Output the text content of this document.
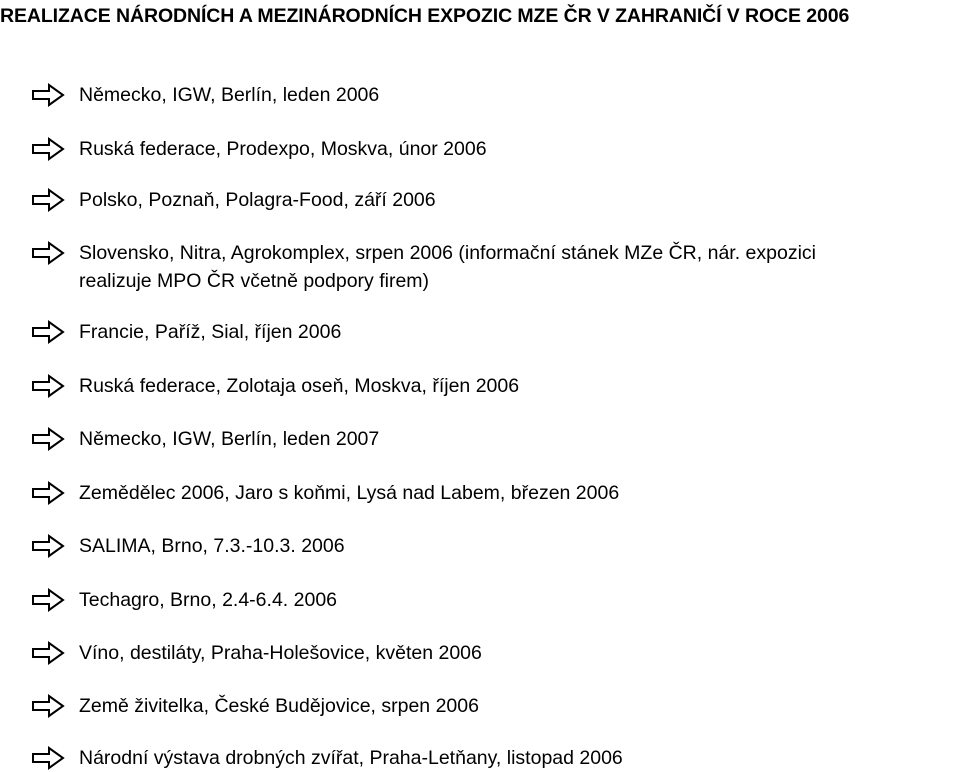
REALIZACE NÁRODNÍCH A MEZINÁRODNÍCH EXPOZIC MZE ČR V ZAHRANIČÍ V ROCE 2006
Německo, IGW, Berlín, leden 2006
Ruská federace, Prodexpo, Moskva, únor 2006
Polsko, Poznaň, Polagra-Food, září 2006
Slovensko, Nitra, Agrokomplex, srpen 2006 (informační stánek MZe ČR, nár. expozici
realizuje MPO ČR včetně podpory firem)
Francie, Paříž, Sial, říjen 2006
Ruská federace, Zolotaja oseň, Moskva, říjen 2006
Německo, IGW, Berlín, leden 2007
Zemědělec 2006, Jaro s koňmi, Lysá nad Labem, březen 2006
SALIMA, Brno, 7.3.-10.3. 2006
Techagro, Brno, 2.4-6.4. 2006
Víno, destiláty, Praha-Holešovice, květen 2006
Země živitelka, České Budějovice, srpen 2006
Národní výstava drobných zvířat, Praha-Letňany, listopad 2006
